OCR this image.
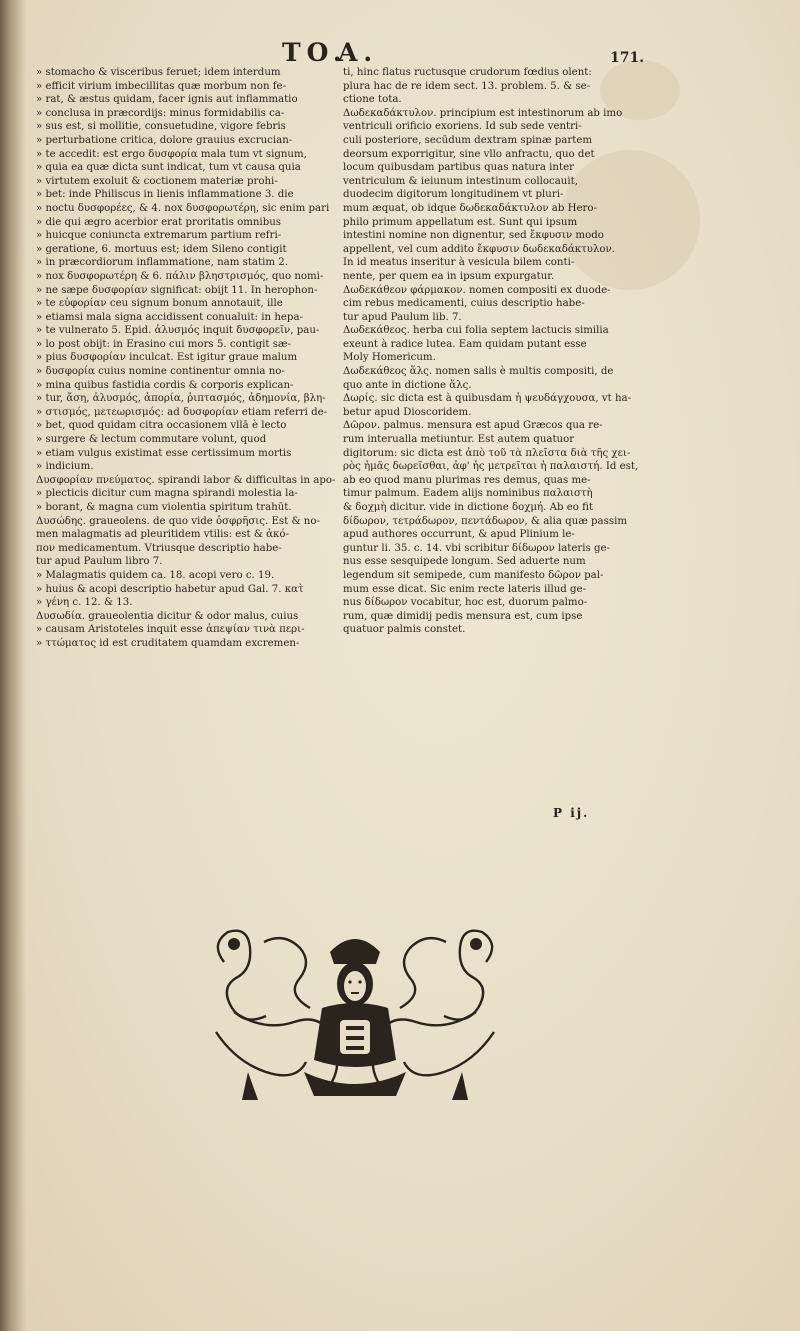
TO.
A.	171.
» stomacho & visceribus feruet; idem interdum
» efficit virium imbecillitas quæ morbum non fe-
» rat, & æstus quidam, facer ignis aut inflammatio
» conclusa in præcordijs: minus formidabilis ca-
» sus est, si mollitie, consuetudine, vigore febris
» perturbatione critica, dolore grauius excrucian-
» te accedit: est ergo δυσφορία mala tum vt signum,
» quia ea quæ dicta sunt indicat, tum vt causa quia
» virtutem exoluit & coctionem materiæ prohi-
» bet: inde Philiscus in lienis inflammatione 3. die
» noctu δυσφορέες, & 4. nox δυσφορωτέρη, sic enim pari
» die qui ægro acerbior erat proritatis omnibus
» huicque coniuncta extremarum partium refri-
» geratione, 6. mortuus est; idem Sileno contigit
» in præcordiorum inflammatione, nam statim 2.
» nox δυσφορωτέρη & 6. πάλιν βληστρισμός, quo nomi-
» ne sæpe δυσφορίαν significat: obijt 11. In herophon-
» te εὐφορίαν ceu signum bonum annotauit, ille
» etiamsi mala signa accidissent conualuit: in hepa-
» te vulnerato 5. Epid. ἀλυσμός inquit δυσφορεῖν, pau-
» lo post obijt: in Erasino cui mors 5. contigit sæ-
» pius δυσφορίαν inculcat. Est igitur graue malum
» δυσφορία cuius nomine continentur omnia no-
» mina quibus fastidia cordis & corporis explican-
» tur, ἄση, ἀλυσμός, ἀπορία, ῥιπτασμός, ἀδημονία, βλη-
» στισμός, μετεωρισμός: ad δυσφορίαν etiam referri de-
» bet, quod quidam citra occasionem vllā è lecto
» surgere & lectum commutare volunt, quod
» etiam vulgus existimat esse certissimum mortis
» indicium.
Δυσφορίαν πνεύματος. spirandi labor & difficultas in apo-
» plecticis dicitur cum magna spirandi molestia la-
» borant, & magna cum violentia spiritum trahūt.
Δυσώδης. graueolens. de quo vide ὀσφρῆσις. Est & no-
men malagmatis ad pleuritidem vtilis: est & ἀκό-
πον medicamentum. Vtriusque descriptio habe-
tur apud Paulum libro 7.
» Malagmatis quidem ca. 18. acopi vero c. 19.
» huius & acopi descriptio habetur apud Gal. 7. κατ̀
» γένη c. 12. & 13.
Δυσωδία. graueolentia dicitur & odor malus, cuius
» causam Aristoteles inquit esse ἀπεψίαν τινὰ περι-
» ττώματος id est cruditatem quamdam excremen-
ti, hinc flatus ructusque crudorum fœdius olent:
plura hac de re idem sect. 13. problem. 5. & se-
ctione tota.
Δωδεκαδάκτυλον. principium est intestinorum ab imo
ventriculi orificio exoriens. Id sub sede ventri-
culi posteriore, secūdum dextram spinæ partem
deorsum exporrigitur, sine vllo anfractu, quo det
locum quibusdam partibus quas natura inter
ventriculum & ieiunum intestinum collocauit,
duodecim digitorum longitudinem vt pluri-
mum æquat, ob idque δωδεκαδάκτυλον ab Hero-
philo primum appellatum est. Sunt qui ipsum
intestini nomine non dignentur, sed ἔκφυσιν modo
appellent, vel cum addito ἔκφυσιν δωδεκαδάκτυλον.
In id meatus inseritur à vesicula bilem conti-
nente, per quem ea in ipsum expurgatur.
Δωδεκάθεον φάρμακον. nomen compositi ex duode-
cim rebus medicamenti, cuius descriptio habe-
tur apud Paulum lib. 7.
Δωδεκάθεος. herba cui folia septem lactucis similia
exeunt à radice lutea. Eam quidam putant esse
Moly Homericum.
Δωδεκάθεος ἅλς. nomen salis è multis compositi, de
quo ante in dictione ἅλς.
Δωρίς. sic dicta est à quibusdam ἡ ψευδάγχουσα, vt ha-
betur apud Dioscoridem.
Δῶρον. palmus. mensura est apud Græcos qua re-
rum interualla metiuntur. Est autem quatuor
digitorum: sic dicta est ἀπὸ τοῦ τὰ πλεῖστα διὰ τῆς χει-
ρὸς ἡμᾶς δωρεῖσθαι, ἀφ' ἧς μετρεῖται ἡ παλαιστή. Id est,
ab eo quod manu plurimas res demus, quas me-
timur palmum. Eadem alijs nominibus παλαιστὴ
& δοχμὴ dicitur. vide in dictione δοχμή. Ab eo fit
δίδωρον, τετράδωρον, πεντάδωρον, & alia quæ passim
apud authores occurrunt, & apud Plinium le-
guntur li. 35. c. 14. vbi scribitur δίδωρον lateris ge-
nus esse sesquipede longum. Sed aduerte num
legendum sit semipede, cum manifesto δῶρον pal-
mum esse dicat. Sic enim recte lateris illud ge-
nus δίδωρον vocabitur, hoc est, duorum palmo-
rum, quæ dimidij pedis mensura est, cum ipse
quatuor palmis constet.
P ij.
